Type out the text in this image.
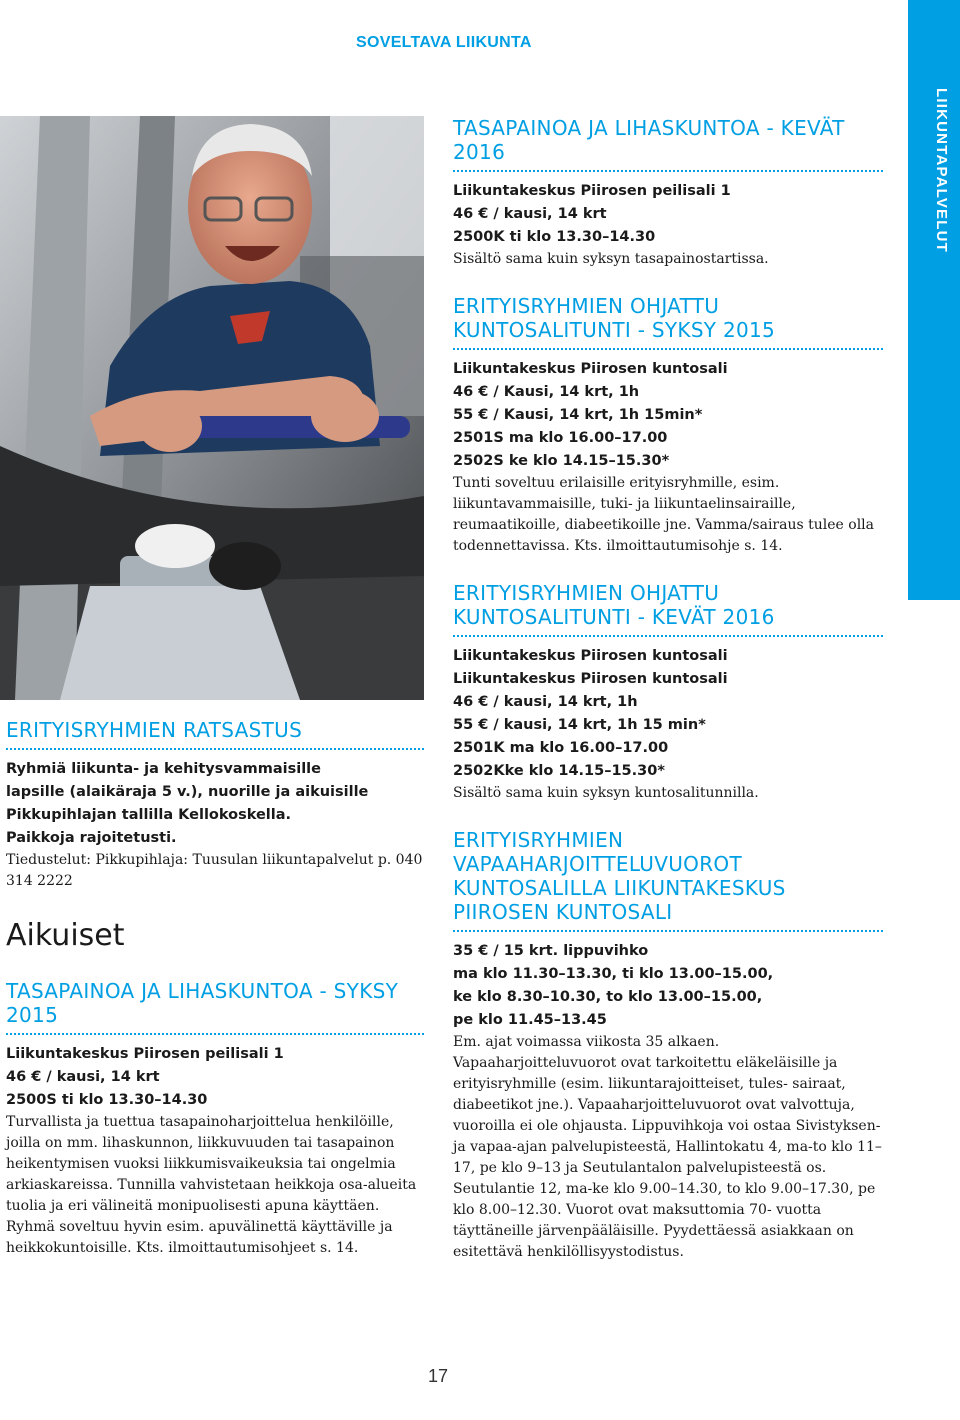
SOVELTAVA LIIKUNTA
LIIKUNTAPALVELUT
ERITYISRYHMIEN RATSASTUS
Ryhmiä liikunta- ja kehitysvammaisille
lapsille (alaikäraja 5 v.), nuorille ja aikuisille
Pikkupihlajan tallilla Kellokoskella.
Paikkoja rajoitetusti.
Tiedustelut: Pikkupihlaja: Tuusulan liikuntapalvelut p. 040 314 2222
Aikuiset
TASAPAINOA JA LIHASKUNTOA - SYKSY 2015
Liikuntakeskus Piirosen peilisali 1
46 € / kausi, 14 krt
2500S ti klo 13.30–14.30
Turvallista ja tuettua tasapainoharjoittelua henkilöille, joilla on mm. lihaskunnon, liikkuvuuden tai tasapainon heikentymisen vuoksi liikkumisvaikeuksia tai ongelmia arkiaskareissa. Tunnilla vahvistetaan heikkoja osa-alueita tuolia ja eri välineitä monipuolisesti apuna käyttäen. Ryhmä soveltuu hyvin esim. apuvälinettä käyttäville ja heikkokuntoisille. Kts. ilmoittautumisohjeet s. 14.
TASAPAINOA JA LIHASKUNTOA - KEVÄT 2016
Liikuntakeskus Piirosen peilisali 1
46 € / kausi, 14 krt
2500K ti klo 13.30–14.30
Sisältö sama kuin syksyn tasapainostartissa.
ERITYISRYHMIEN OHJATTU KUNTOSALITUNTI - SYKSY 2015
Liikuntakeskus Piirosen kuntosali
46 € / Kausi, 14 krt, 1h
55 € / Kausi, 14 krt, 1h 15min*
2501S ma klo 16.00–17.00
2502S ke klo 14.15–15.30*
Tunti soveltuu erilaisille erityisryhmille, esim. liikuntavammaisille, tuki- ja liikuntaelinsairaille, reumaatikoille, diabeetikoille jne. Vamma/sairaus tulee olla todennettavissa. Kts. ilmoittautumisohje s. 14.
ERITYISRYHMIEN OHJATTU KUNTOSALITUNTI - KEVÄT 2016
Liikuntakeskus Piirosen kuntosali
Liikuntakeskus Piirosen kuntosali
46 € / kausi, 14 krt, 1h
55 € / kausi, 14 krt, 1h 15 min*
2501K ma klo 16.00–17.00
2502Kke klo 14.15–15.30*
Sisältö sama kuin syksyn kuntosalitunnilla.
ERITYISRYHMIEN VAPAAHARJOITTELUVUOROT KUNTOSALILLA LIIKUNTAKESKUS PIIROSEN KUNTOSALI
35 € / 15 krt. lippuvihko
ma klo 11.30–13.30, ti klo 13.00–15.00,
ke klo 8.30–10.30, to klo 13.00–15.00,
pe klo 11.45–13.45
Em. ajat voimassa viikosta 35 alkaen. Vapaaharjoitteluvuorot ovat tarkoitettu eläkeläisille ja erityisryhmille (esim. liikuntarajoitteiset, tules- sairaat, diabeetikot jne.). Vapaaharjoitteluvuorot ovat valvottuja, vuoroilla ei ole ohjausta. Lippuvihkoja voi ostaa Sivistyksen- ja vapaa-ajan palvelupisteestä, Hallintokatu 4, ma-to klo 11–17, pe klo 9–13 ja Seutulantalon palvelupisteestä os. Seutulantie 12, ma-ke klo 9.00–14.30, to klo 9.00–17.30, pe klo 8.00–12.30. Vuorot ovat maksuttomia 70- vuotta täyttäneille järvenpääläisille. Pyydettäessä asiakkaan on esitettävä henkilöllisyystodistus.
17
